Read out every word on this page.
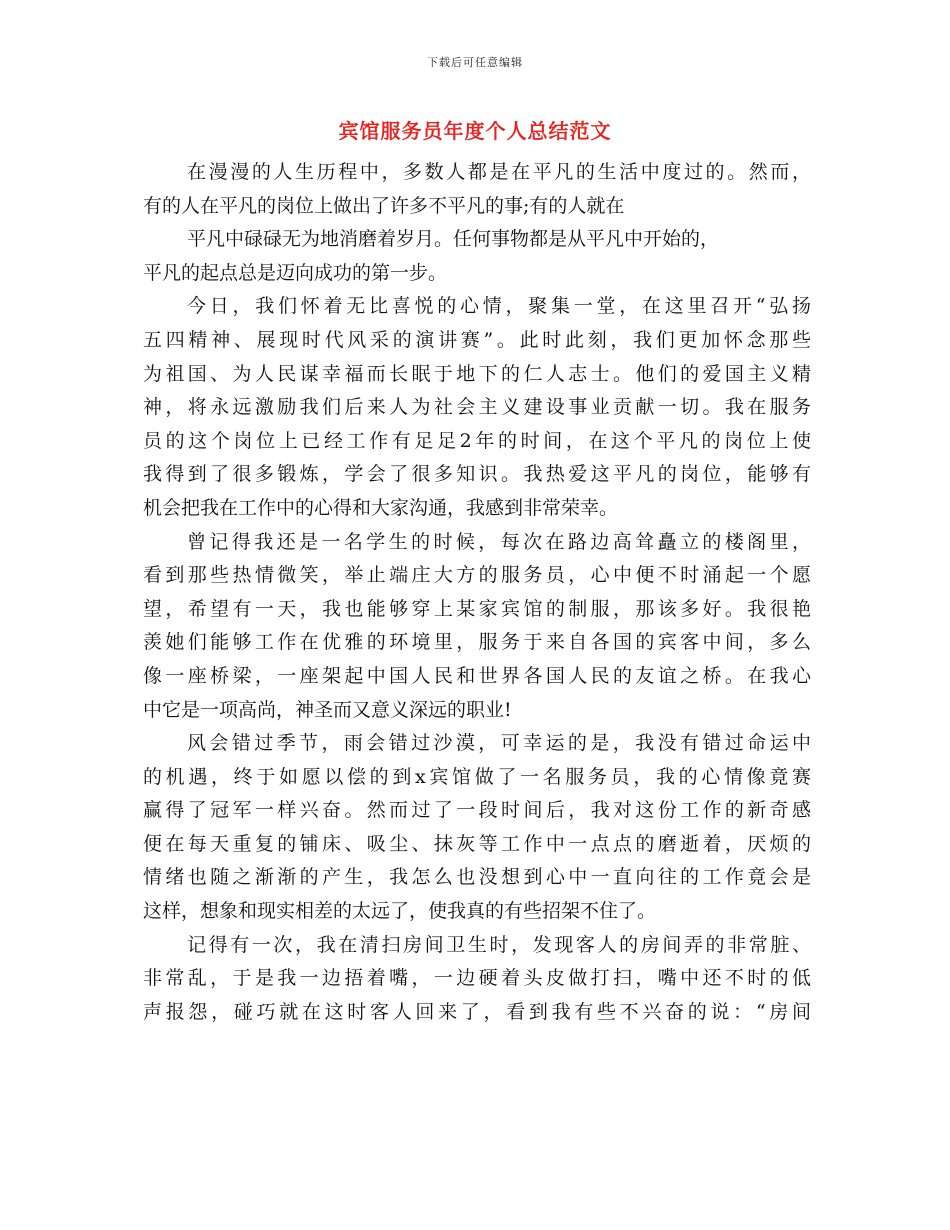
下载后可任意编辑
宾馆服务员年度个人总结范文
在漫漫的人生历程中，多数人都是在平凡的生活中度过的。然而，
有的人在平凡的岗位上做出了许多不平凡的事;有的人就在
平凡中碌碌无为地消磨着岁月。任何事物都是从平凡中开始的，
平凡的起点总是迈向成功的第一步。
今日，我们怀着无比喜悦的心情，聚集一堂，在这里召开“弘扬
五四精神、展现时代风采的演讲赛”。此时此刻，我们更加怀念那些
为祖国、为人民谋幸福而长眠于地下的仁人志士。他们的爱国主义精
神，将永远激励我们后来人为社会主义建设事业贡献一切。我在服务
员的这个岗位上已经工作有足足2年的时间，在这个平凡的岗位上使
我得到了很多锻炼，学会了很多知识。我热爱这平凡的岗位，能够有
机会把我在工作中的心得和大家沟通，我感到非常荣幸。
曾记得我还是一名学生的时候，每次在路边高耸矗立的楼阁里，
看到那些热情微笑，举止端庄大方的服务员，心中便不时涌起一个愿
望，希望有一天，我也能够穿上某家宾馆的制服，那该多好。我很艳
羡她们能够工作在优雅的环境里，服务于来自各国的宾客中间，多么
像一座桥梁，一座架起中国人民和世界各国人民的友谊之桥。在我心
中它是一项高尚，神圣而又意义深远的职业!
风会错过季节，雨会错过沙漠，可幸运的是，我没有错过命运中
的机遇，终于如愿以偿的到x宾馆做了一名服务员，我的心情像竟赛
赢得了冠军一样兴奋。然而过了一段时间后，我对这份工作的新奇感
便在每天重复的铺床、吸尘、抹灰等工作中一点点的磨逝着，厌烦的
情绪也随之渐渐的产生，我怎么也没想到心中一直向往的工作竟会是
这样，想象和现实相差的太远了，使我真的有些招架不住了。
记得有一次，我在清扫房间卫生时，发现客人的房间弄的非常脏、
非常乱，于是我一边捂着嘴，一边硬着头皮做打扫，嘴中还不时的低
声报怨，碰巧就在这时客人回来了，看到我有些不兴奋的说：“房间
